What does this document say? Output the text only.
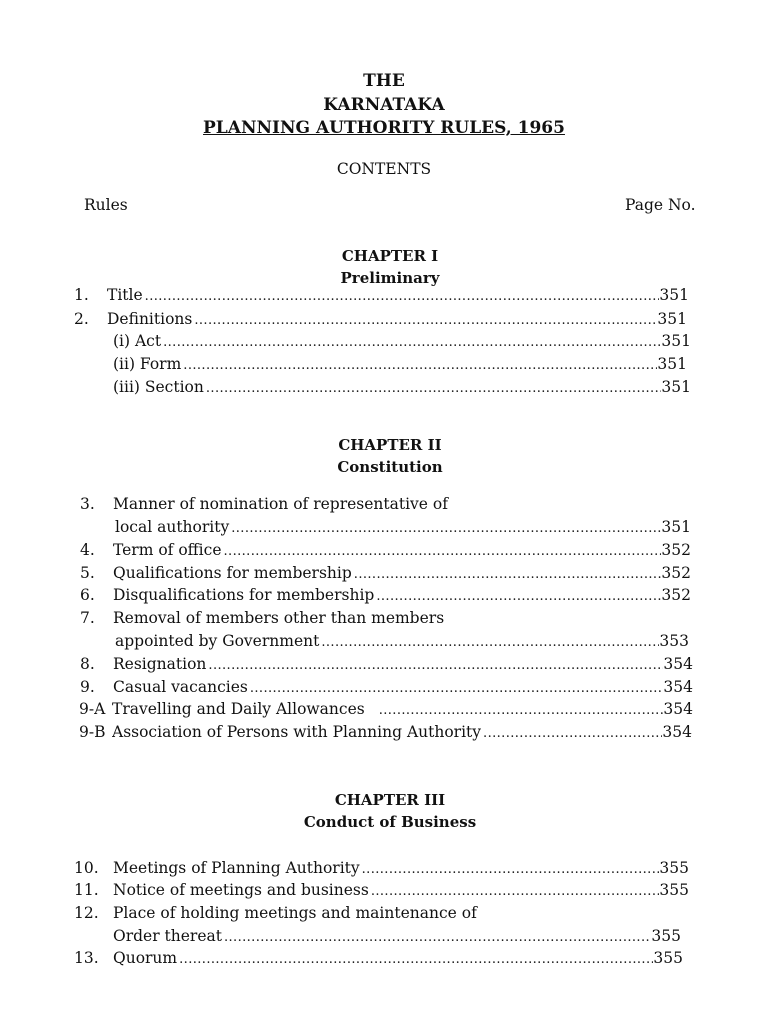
THE
KARNATAKA
PLANNING AUTHORITY RULES, 1965
CONTENTS
Rules	Page No.
CHAPTER I
Preliminary
1. Title .....	351
2. Definitions .....	351
(i) Act .....	351
(ii) Form .....	351
(iii) Section .....	351
CHAPTER II
Constitution
3. Manner of nomination of representative of
local authority .....	351
4. Term of office .....	352
5. Qualifications for membership .....	352
6. Disqualifications for membership .....	352
7. Removal of members other than members
appointed by Government .....	353
8. Resignation .....	354
9. Casual vacancies .....	354
9-A Travelling and Daily Allowances .....	354
9-B Association of Persons with Planning Authority .....	354
CHAPTER III
Conduct of Business
10. Meetings of Planning Authority .....	355
11. Notice of meetings and business .....	355
12. Place of holding meetings and maintenance of
Order thereat .....	355
13. Quorum .....	355
